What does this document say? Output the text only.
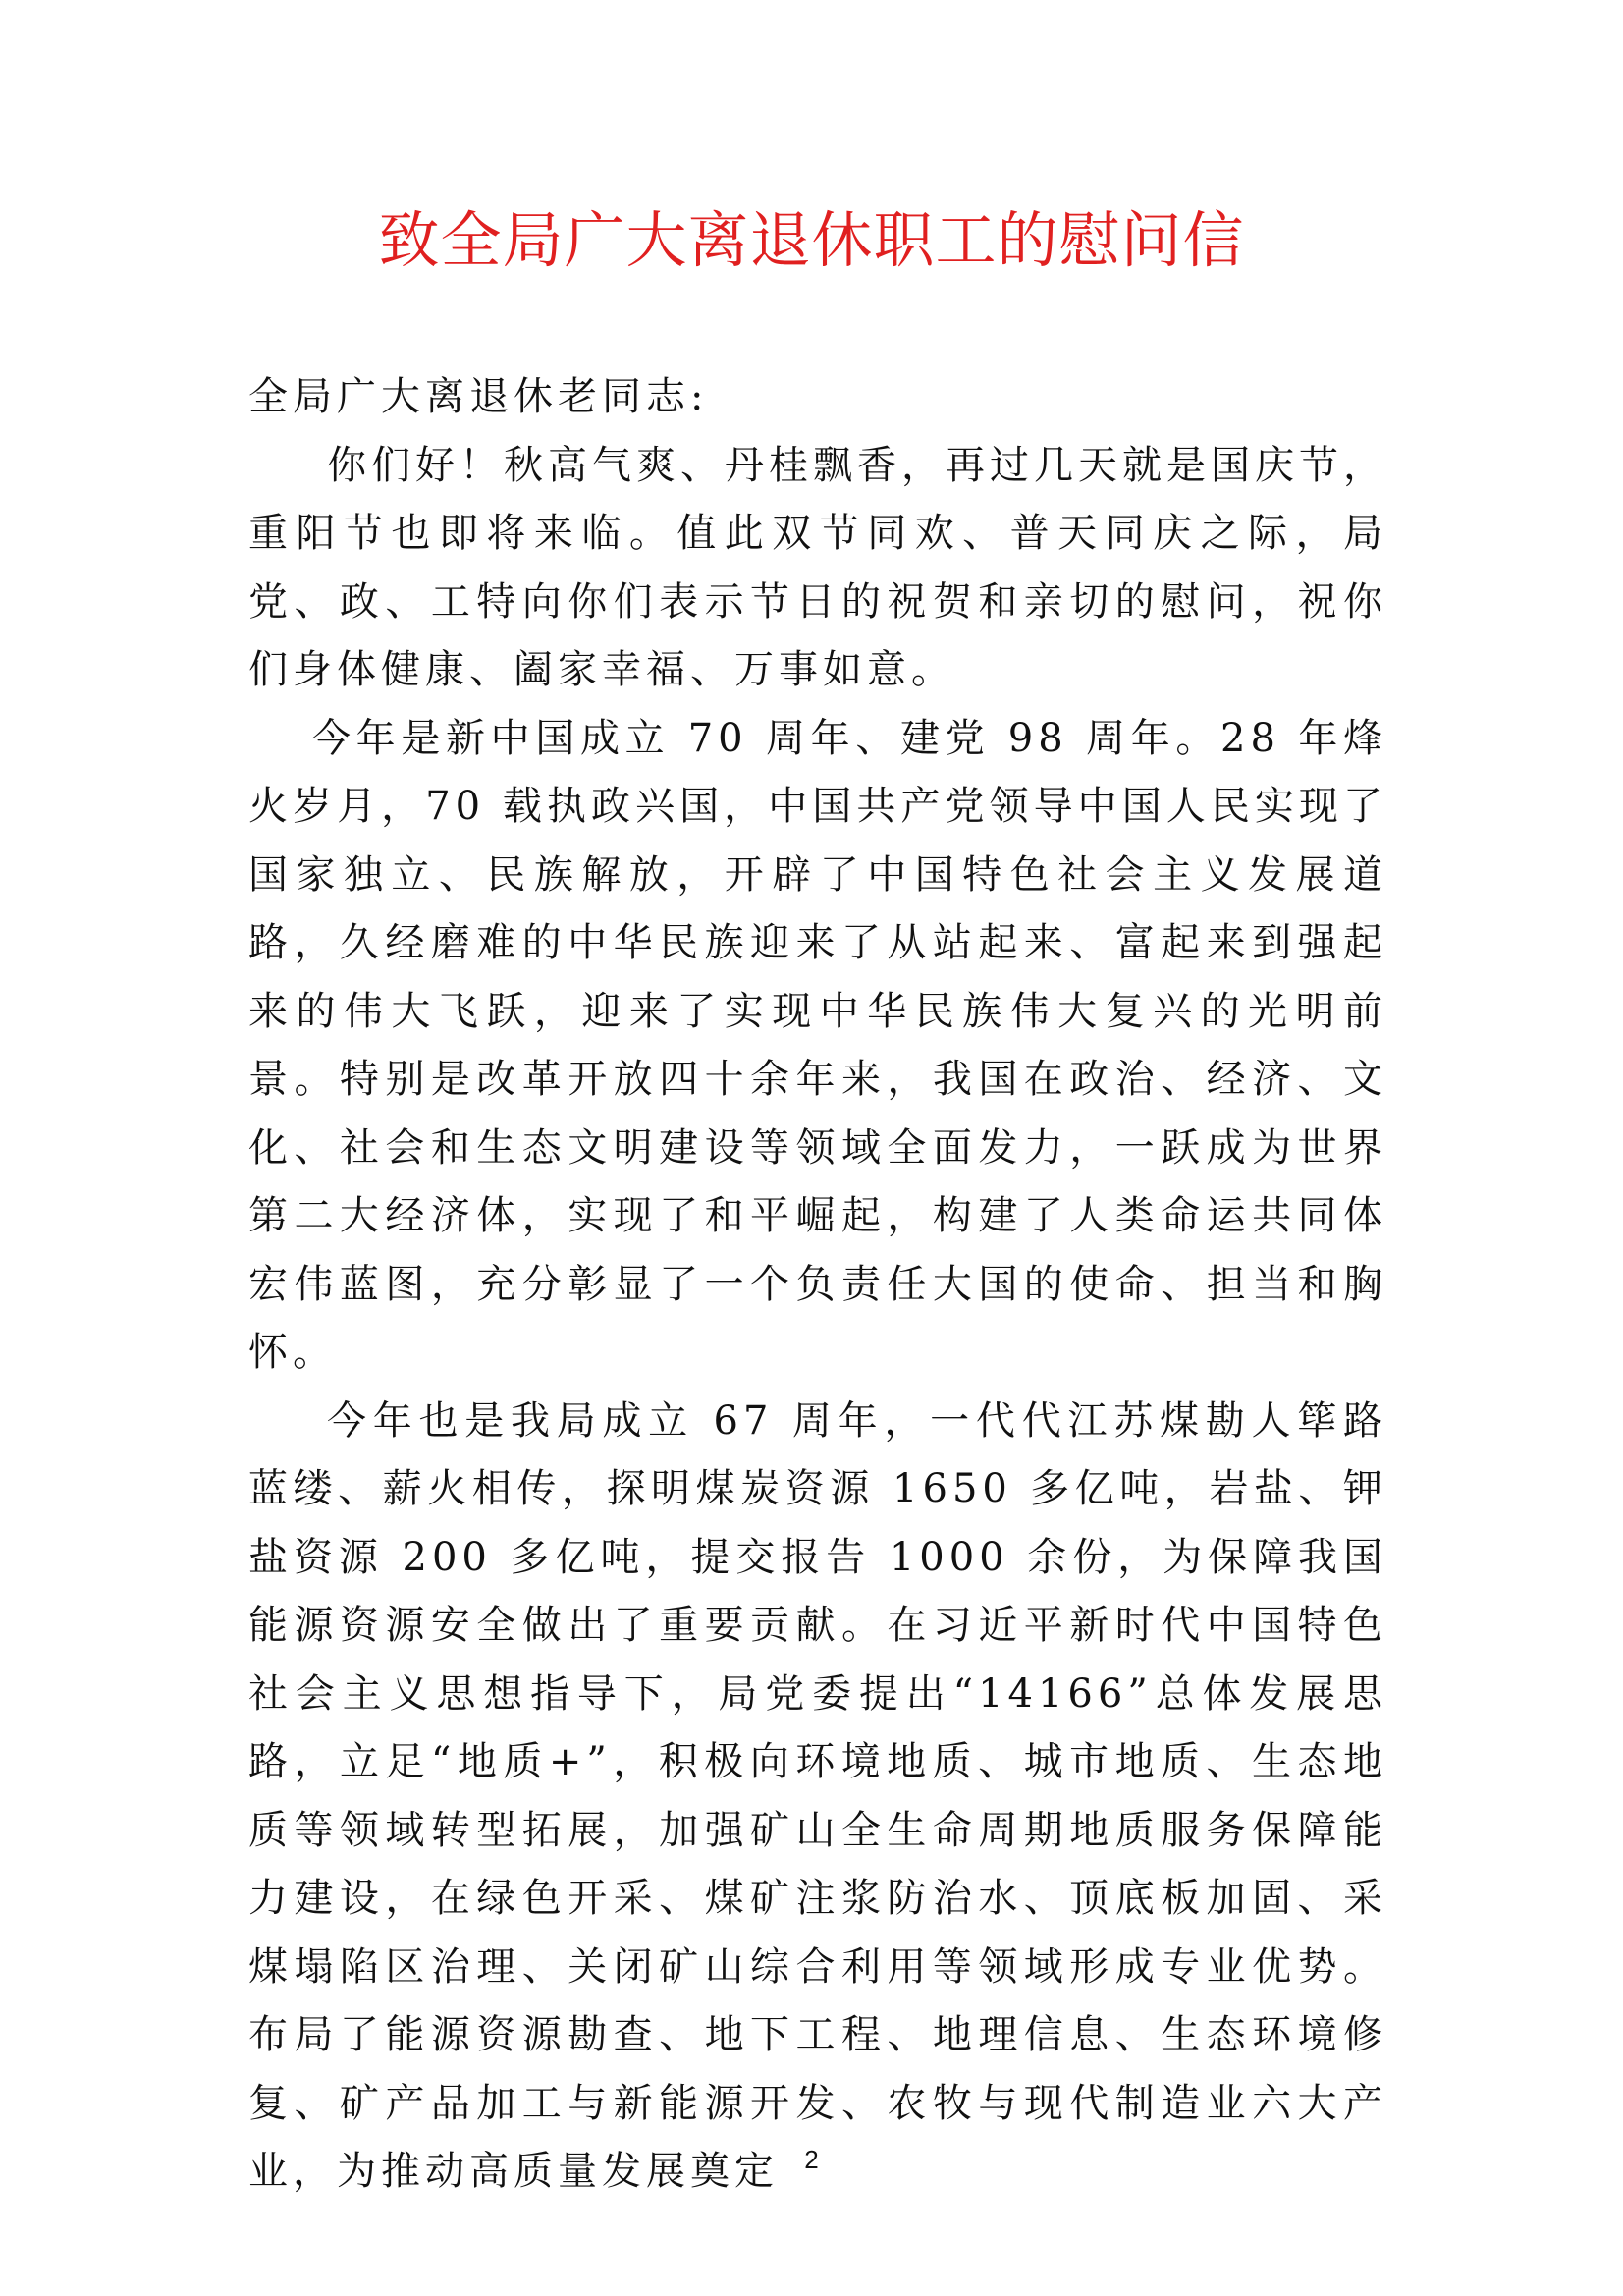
致全局广大离退休职工的慰问信

全局广大离退休老同志:

你们好！秋高气爽、丹桂飘香，再过几天就是国庆节，重阳节也即将来临。值此双节同欢、普天同庆之际，局党、政、工特向你们表示节日的祝贺和亲切的慰问，祝你们身体健康、阖家幸福、万事如意。

今年是新中国成立 70 周年、建党 98 周年。28 年烽火岁月，70 载执政兴国，中国共产党领导中国人民实现了国家独立、民族解放，开辟了中国特色社会主义发展道路，久经磨难的中华民族迎来了从站起来、富起来到强起来的伟大飞跃，迎来了实现中华民族伟大复兴的光明前景。特别是改革开放四十余年来，我国在政治、经济、文化、社会和生态文明建设等领域全面发力，一跃成为世界第二大经济体，实现了和平崛起，构建了人类命运共同体宏伟蓝图，充分彰显了一个负责任大国的使命、担当和胸怀。

今年也是我局成立 67 周年，一代代江苏煤勘人筚路蓝缕、薪火相传，探明煤炭资源 1650 多亿吨，岩盐、钾盐资源 200 多亿吨，提交报告 1000 余份，为保障我国能源资源安全做出了重要贡献。在习近平新时代中国特色社会主义思想指导下，局党委提出“14166”总体发展思路，立足“地质+”，积极向环境地质、城市地质、生态地质等领域转型拓展，加强矿山全生命周期地质服务保障能力建设，在绿色开采、煤矿注浆防治水、顶底板加固、采煤塌陷区治理、关闭矿山综合利用等领域形成专业优势。布局了能源资源勘查、地下工程、地理信息、生态环境修复、矿产品加工与新能源开发、农牧与现代制造业六大产业，为推动高质量发展奠定	2
